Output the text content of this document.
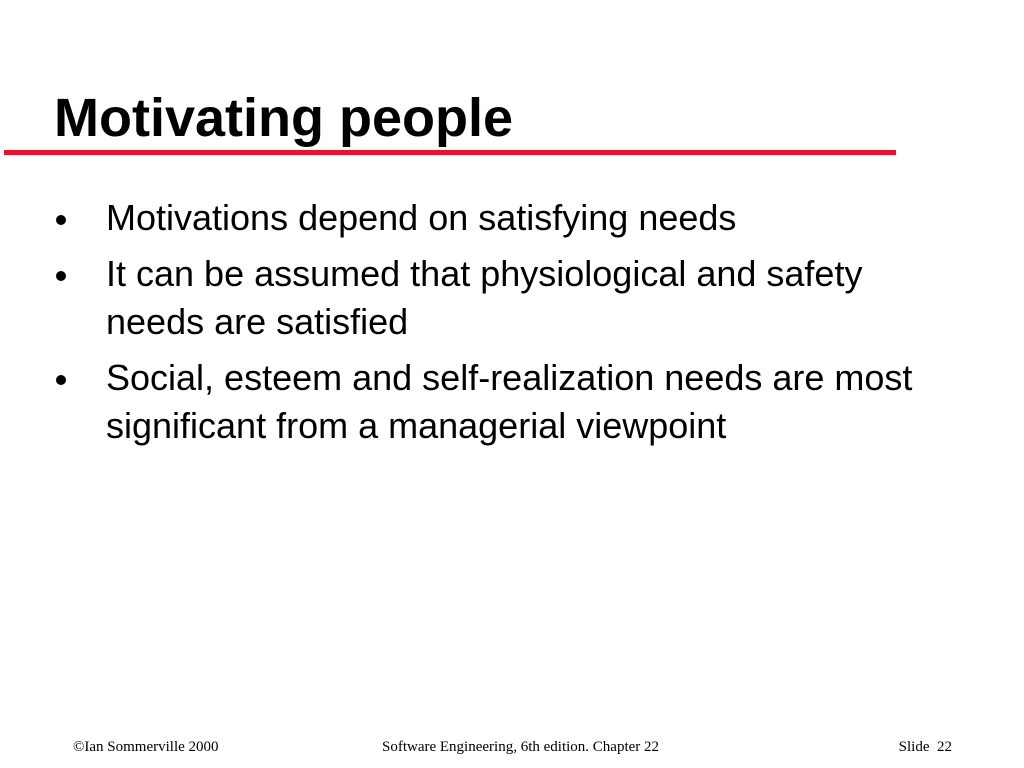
Motivating people
Motivations depend on satisfying needs
It can be assumed that physiological and safety needs are satisfied
Social, esteem and self-realization needs are most significant from a managerial viewpoint
©Ian Sommerville 2000	Software Engineering, 6th edition. Chapter 22	Slide  22
